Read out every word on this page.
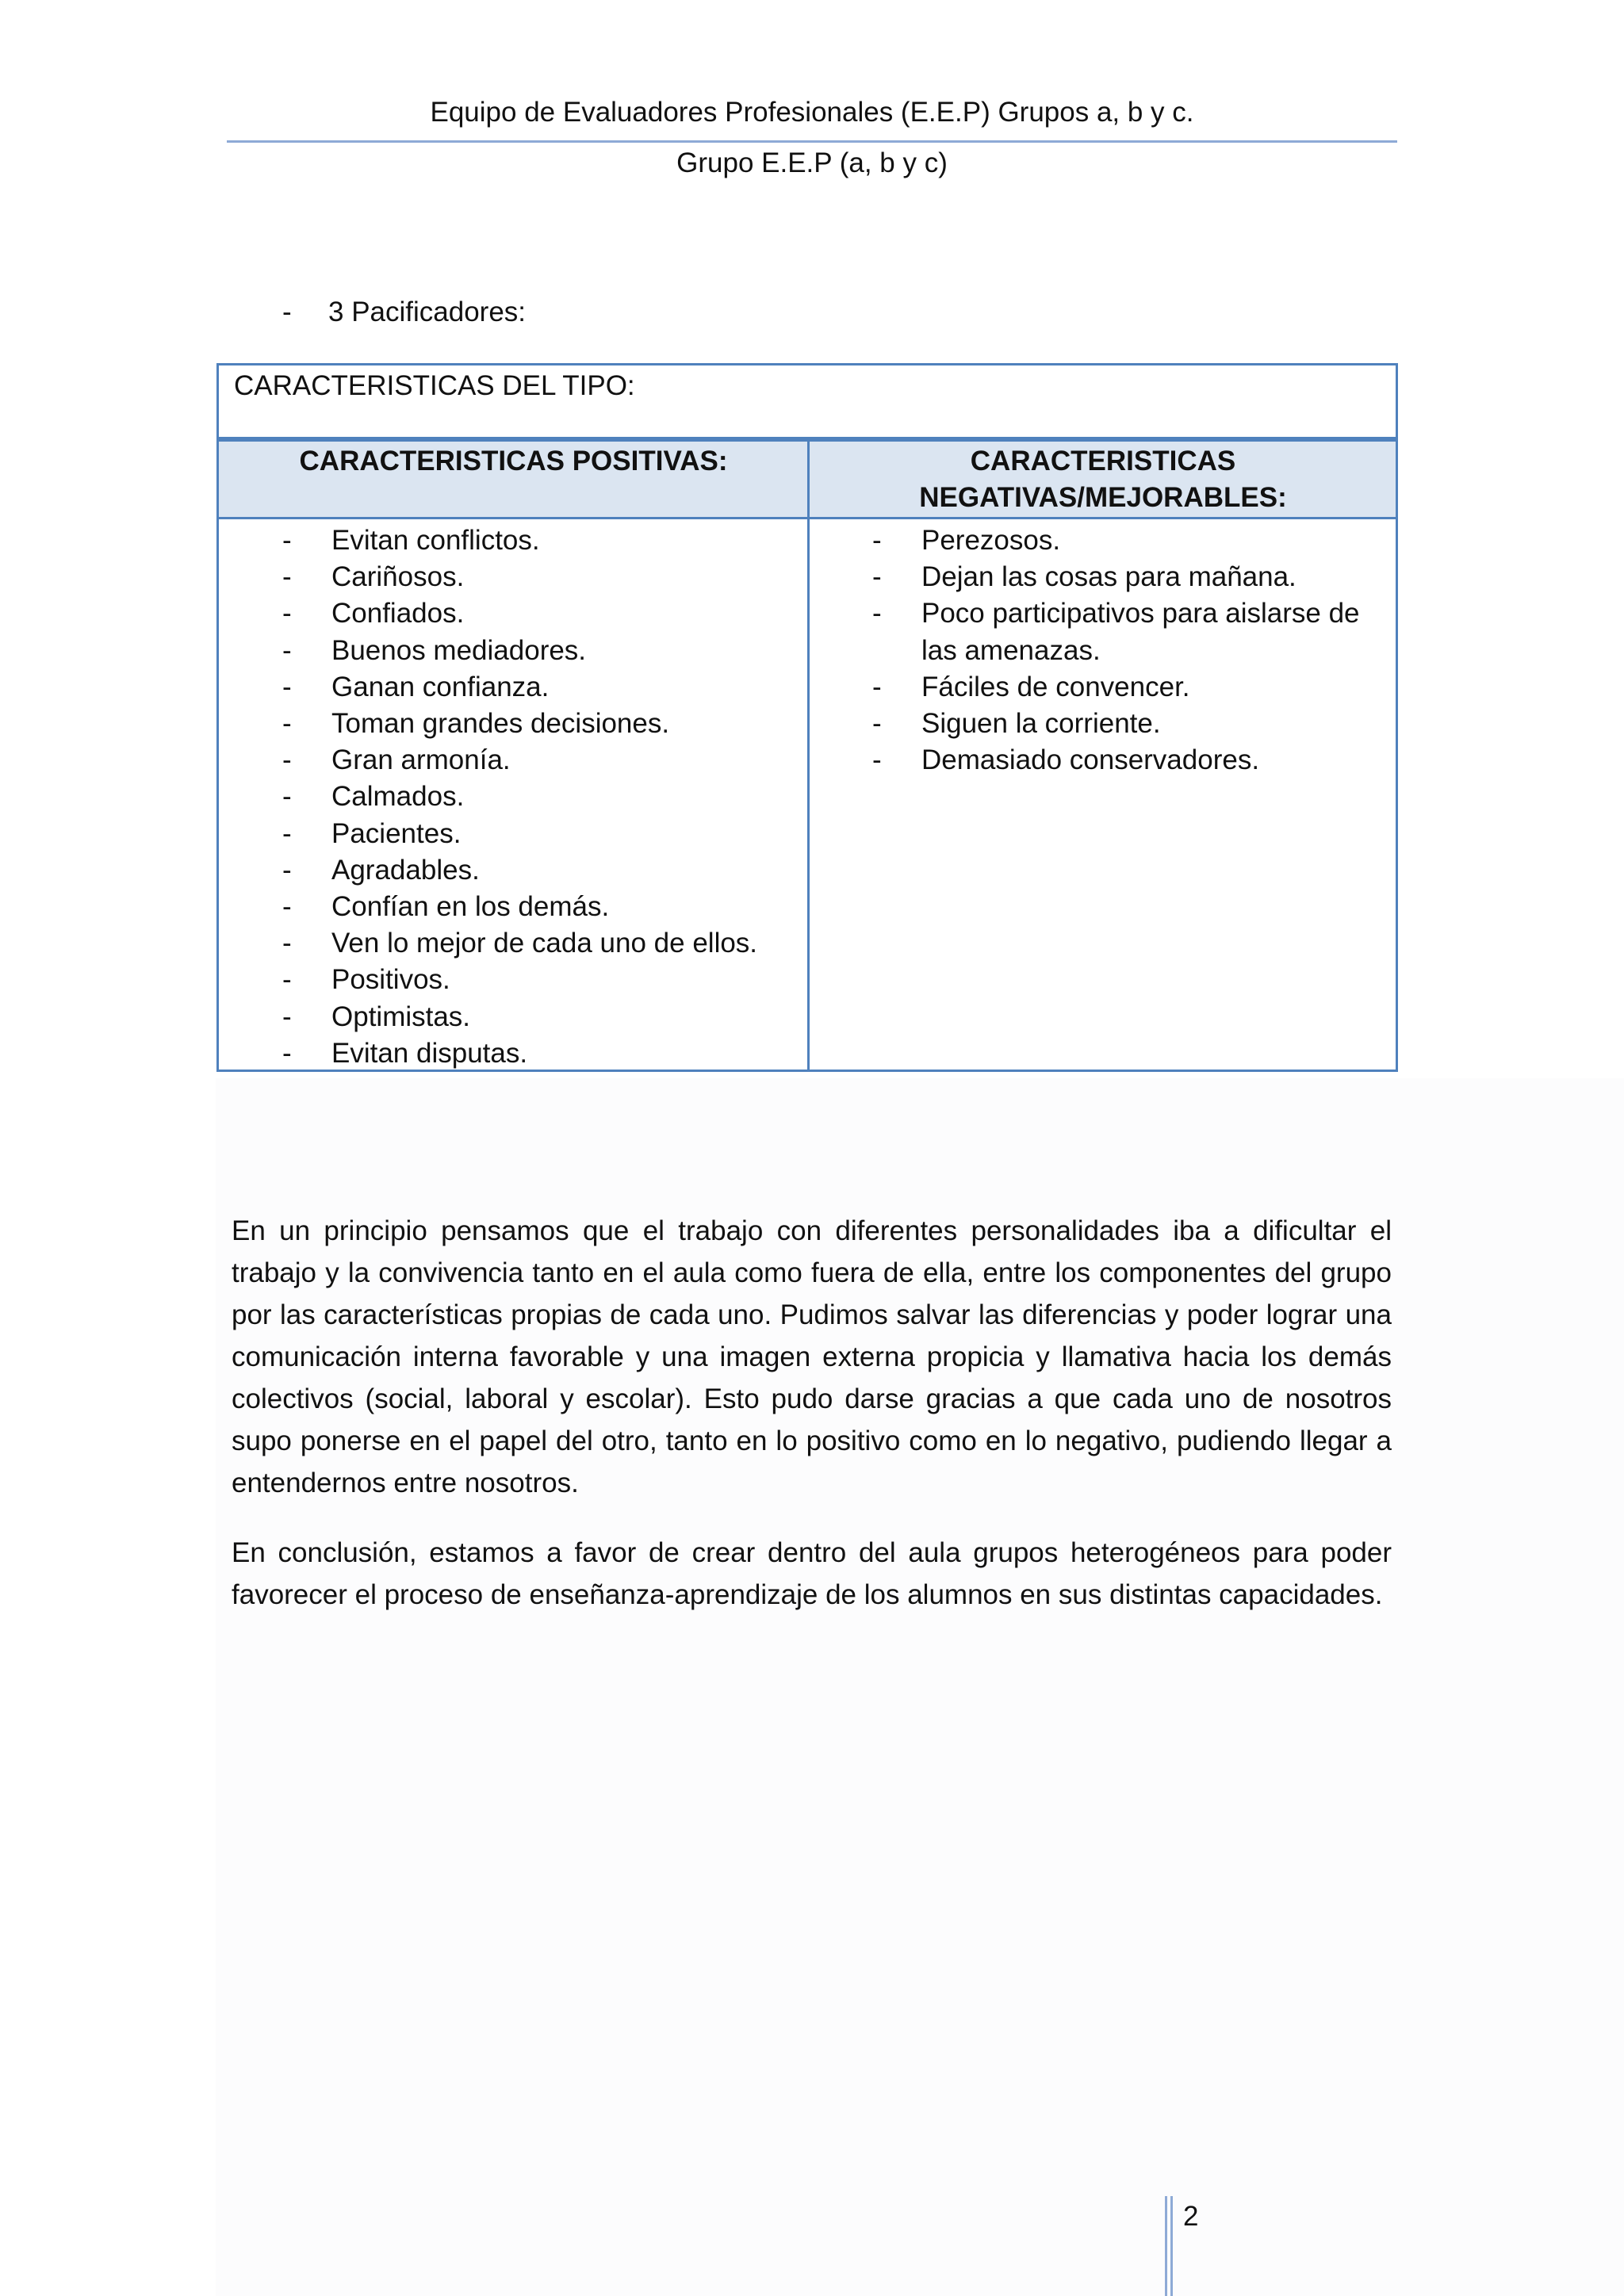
Equipo de Evaluadores Profesionales (E.E.P) Grupos a, b y c.
Grupo E.E.P (a, b y c)
- 3 Pacificadores:
CARACTERISTICAS DEL TIPO:
CARACTERISTICAS POSITIVAS:	CARACTERISTICAS
NEGATIVAS/MEJORABLES:
- Evitan conflictos.
- Cariñosos.
- Confiados.
- Buenos mediadores.
- Ganan confianza.
- Toman grandes decisiones.
- Gran armonía.
- Calmados.
- Pacientes.
- Agradables.
- Confían en los demás.
- Ven lo mejor de cada uno de ellos.
- Positivos.
- Optimistas.
- Evitan disputas.
- Perezosos.
- Dejan las cosas para mañana.
- Poco participativos para aislarse de las amenazas.
- Fáciles de convencer.
- Siguen la corriente.
- Demasiado conservadores.

En un principio pensamos que el trabajo con diferentes personalidades iba a dificultar el trabajo y la convivencia tanto en el aula como fuera de ella, entre los componentes del grupo por las características propias de cada uno. Pudimos salvar las diferencias y poder lograr una comunicación interna favorable y una imagen externa propicia y llamativa hacia los demás colectivos (social, laboral y escolar). Esto pudo darse gracias a que cada uno de nosotros supo ponerse en el papel del otro, tanto en lo positivo como en lo negativo, pudiendo llegar a entendernos entre nosotros.

En conclusión, estamos a favor de crear dentro del aula grupos heterogéneos para poder favorecer el proceso de enseñanza-aprendizaje de los alumnos en sus distintas capacidades.

2
